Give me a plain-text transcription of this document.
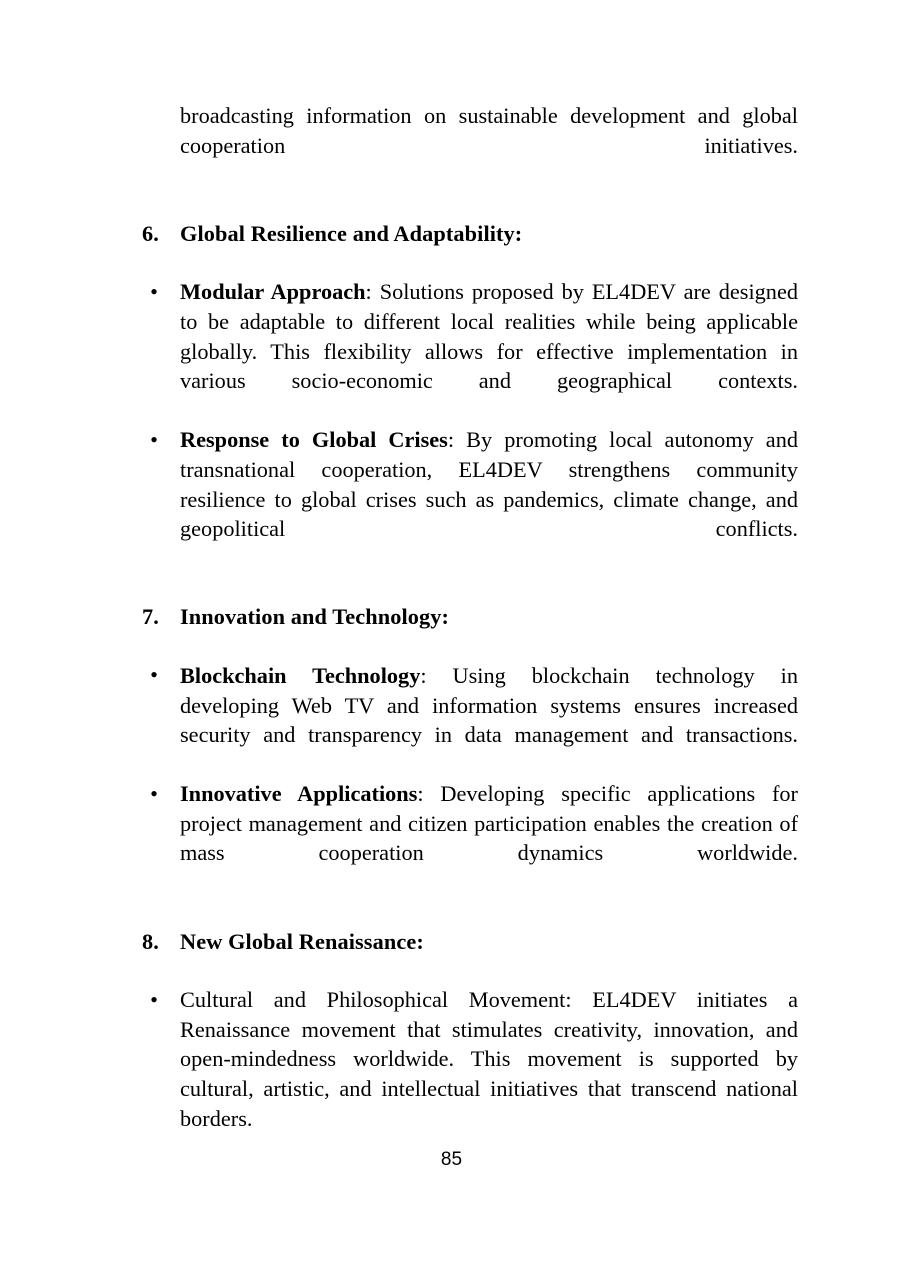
broadcasting information on sustainable development and global cooperation initiatives.

6. Global Resilience and Adaptability:

• Modular Approach: Solutions proposed by EL4DEV are designed to be adaptable to different local realities while being applicable globally. This flexibility allows for effective implementation in various socio-economic and geographical contexts.
• Response to Global Crises: By promoting local autonomy and transnational cooperation, EL4DEV strengthens community resilience to global crises such as pandemics, climate change, and geopolitical conflicts.

7. Innovation and Technology:

• Blockchain Technology: Using blockchain technology in developing Web TV and information systems ensures increased security and transparency in data management and transactions.
• Innovative Applications: Developing specific applications for project management and citizen participation enables the creation of mass cooperation dynamics worldwide.

8. New Global Renaissance:

• Cultural and Philosophical Movement: EL4DEV initiates a Renaissance movement that stimulates creativity, innovation, and open-mindedness worldwide. This movement is supported by cultural, artistic, and intellectual initiatives that transcend national borders.
85
